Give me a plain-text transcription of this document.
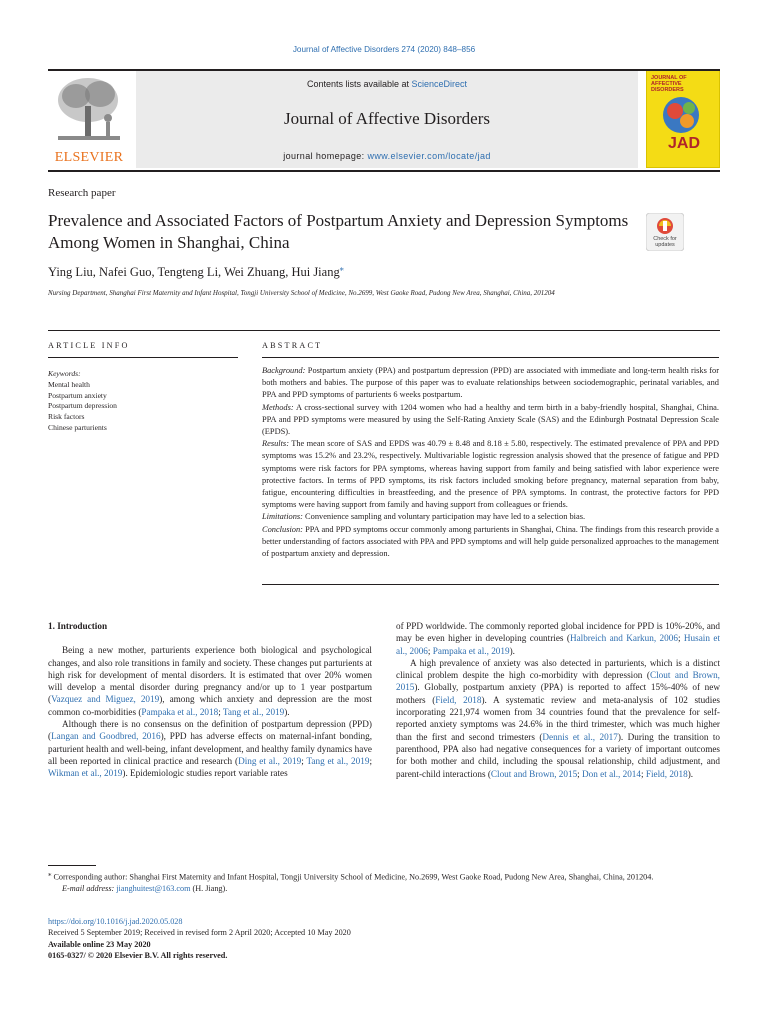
Journal of Affective Disorders 274 (2020) 848–856
ELSEVIER
Contents lists available at ScienceDirect
Journal of Affective Disorders
journal homepage: www.elsevier.com/locate/jad
JOURNAL OF AFFECTIVE DISORDERS
JAD
Research paper
Prevalence and Associated Factors of Postpartum Anxiety and Depression Symptoms Among Women in Shanghai, China	Check for updates
Ying Liu, Nafei Guo, Tengteng Li, Wei Zhuang, Hui Jiang⁎
Nursing Department, Shanghai First Maternity and Infant Hospital, Tongji University School of Medicine, No.2699, West Gaoke Road, Pudong New Area, Shanghai, China, 201204
ARTICLE INFO	ABSTRACT
Keywords:
Mental health
Postpartum anxiety
Postpartum depression
Risk factors
Chinese parturients

Background: Postpartum anxiety (PPA) and postpartum depression (PPD) are associated with immediate and long-term health risks for both mothers and babies. The purpose of this paper was to evaluate relationships between sociodemographic, perinatal variables, and PPA and PPD symptoms of parturients 6 weeks postpartum.

Methods: A cross-sectional survey with 1204 women who had a healthy and term birth in a baby-friendly hospital, Shanghai, China. PPA and PPD symptoms were measured by using the Self-Rating Anxiety Scale (SAS) and the Edinburgh Postnatal Depression Scale (EPDS).

Results: The mean score of SAS and EPDS was 40.79 ± 8.48 and 8.18 ± 5.80, respectively. The estimated prevalence of PPA and PPD symptoms was 15.2% and 23.2%, respectively. Multivariable logistic regression analysis showed that the presence of fatigue and PPD symptoms were risk factors for PPA symptoms, whereas having support from family and being satisfied with labor experience were protective factors. In terms of PPD symptoms, its risk factors included smoking before pregnancy, maternal separation from baby, fatigue, encountering difficulties in breastfeeding, and the presence of PPA symptoms. In contrast, the protective factors for PPD symptoms were having support from family and having support from colleagues or friends.

Limitations: Convenience sampling and voluntary participation may have led to a selection bias.

Conclusion: PPA and PPD symptoms occur commonly among parturients in Shanghai, China. The findings from this research provide a better understanding of factors associated with PPA and PPD symptoms and will help guide personalized approaches to the management of postpartum anxiety and depression.

1. Introduction

Being a new mother, parturients experience both biological and psychological changes, and also role transitions in family and society. These changes put parturients at high risk for development of mental disorders. It is estimated that over 20% women will develop a mental disorder during pregnancy and/or up to 1 year postpartum (Vazquez and Miguez, 2019), among which anxiety and depression are the most common co-morbidities (Pampaka et al., 2018; Tang et al., 2019).

Although there is no consensus on the definition of postpartum depression (PPD) (Langan and Goodbred, 2016), PPD has adverse effects on maternal-infant bonding, parturient health and well-being, infant development, and healthy family dynamics have all been reported in clinical practice and research (Ding et al., 2019; Tang et al., 2019; Wikman et al., 2019). Epidemiologic studies report variable rates

of PPD worldwide. The commonly reported global incidence for PPD is 10%-20%, and may be even higher in developing countries (Halbreich and Karkun, 2006; Husain et al., 2006; Pampaka et al., 2019).

A high prevalence of anxiety was also detected in parturients, which is a distinct clinical problem despite the high co-morbidity with depression (Clout and Brown, 2015). Globally, postpartum anxiety (PPA) is reported to affect 15%-40% of new mothers (Field, 2018). A systematic review and meta-analysis of 102 studies incorporating 221,974 women from 34 countries found that the prevalence for self-reported anxiety symptoms was 24.6% in the third trimester, which was much higher than the first and second trimesters (Dennis et al., 2017). During the transition to parenthood, PPA also had negative consequences for a variety of important outcomes for both mother and child, including the spousal relationship, child adjustment, and parent-child interactions (Clout and Brown, 2015; Don et al., 2014; Field, 2018).

⁎ Corresponding author: Shanghai First Maternity and Infant Hospital, Tongji University School of Medicine, No.2699, West Gaoke Road, Pudong New Area, Shanghai, China, 201204.
E-mail address: jianghuitest@163.com (H. Jiang).
https://doi.org/10.1016/j.jad.2020.05.028
Received 5 September 2019; Received in revised form 2 April 2020; Accepted 10 May 2020
Available online 23 May 2020
0165-0327/ © 2020 Elsevier B.V. All rights reserved.
